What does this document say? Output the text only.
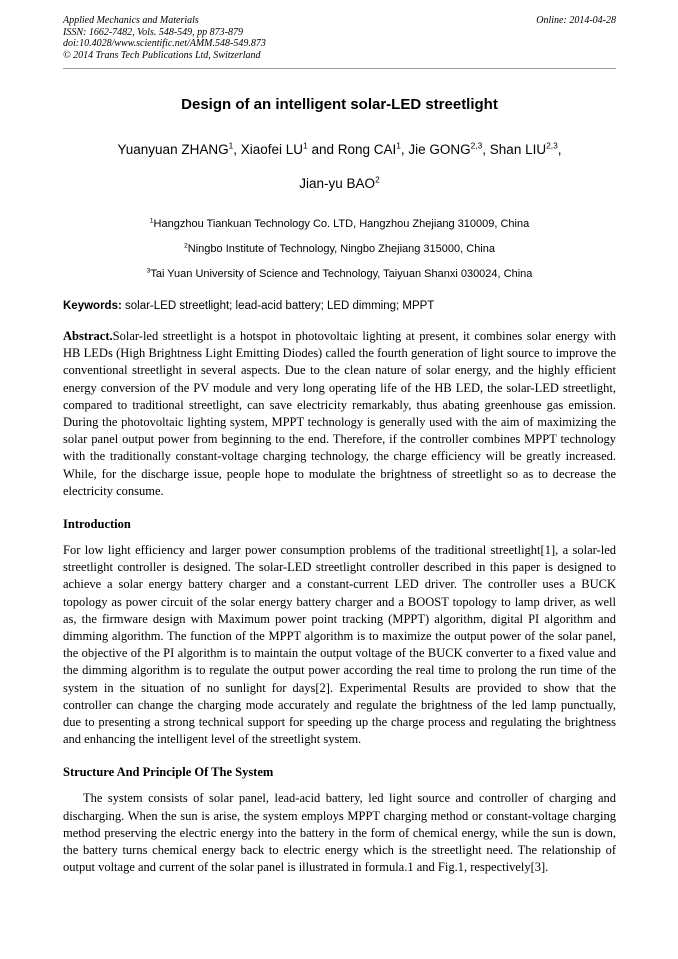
Applied Mechanics and Materials
ISSN: 1662-7482, Vols. 548-549, pp 873-879
doi:10.4028/www.scientific.net/AMM.548-549.873
© 2014 Trans Tech Publications Ltd, Switzerland
Online: 2014-04-28
Design of an intelligent solar-LED streetlight
Yuanyuan ZHANG$^1$, Xiaofei $LU^1$ and Rong CAI$^1$, Jie GONG$^{2,3}$, Shan LIU$^{2,3}$,
Jian-yu BAO$^2$
$^1$Hangzhou Tiankuan Technology Co. LTD, Hangzhou Zhejiang 310009, China
$^2$Ningbo Institute of Technology, Ningbo Zhejiang 315000, China
$^3$Tai Yuan University of Science and Technology, Taiyuan Shanxi 030024, China
Keywords: solar-LED streetlight; lead-acid battery; LED dimming; MPPT

Abstract.Solar-led streetlight is a hotspot in photovoltaic lighting at present, it combines solar energy with HB LEDs (High Brightness Light Emitting Diodes) called the fourth generation of light source to improve the conventional streetlight in several aspects. Due to the clean nature of solar energy, and the highly efficient energy conversion of the PV module and very long operating life of the HB LED, the solar-LED streetlight, compared to traditional streetlight, can save electricity remarkably, thus abating greenhouse gas emission. During the photovoltaic lighting system, MPPT technology is generally used with the aim of maximizing the solar panel output power from beginning to the end. Therefore, if the controller combines MPPT technology with the traditionally constant-voltage charging technology, the charge efficiency will be greatly increased. While, for the discharge issue, people hope to modulate the brightness of streetlight so as to decrease the electricity consume.

Introduction

For low light efficiency and larger power consumption problems of the traditional streetlight[1], a solar-led streetlight controller is designed. The solar-LED streetlight controller described in this paper is designed to achieve a solar energy battery charger and a constant-current LED driver. The controller uses a BUCK topology as power circuit of the solar energy battery charger and a BOOST topology to lamp driver, as well as, the firmware design with Maximum power point tracking (MPPT) algorithm, digital PI algorithm and dimming algorithm. The function of the MPPT algorithm is to maximize the output power of the solar panel, the objective of the PI algorithm is to maintain the output voltage of the BUCK converter to a fixed value and the dimming algorithm is to regulate the output power according the real time to prolong the run time of the system in the situation of no sunlight for days[2]. Experimental Results are provided to show that the controller can change the charging mode accurately and regulate the brightness of the led lamp punctually, due to presenting a strong technical support for speeding up the charge process and regulating the brightness and enhancing the intelligent level of the streetlight system.

Structure And Principle Of The System

The system consists of solar panel, lead-acid battery, led light source and controller of charging and discharging. When the sun is arise, the system employs MPPT charging method or constant-voltage charging method preserving the electric energy into the battery in the form of chemical energy, while the sun is down, the battery turns chemical energy back to electric energy which is the streetlight need. The relationship of output voltage and current of the solar panel is illustrated in formula.1 and Fig.1, respectively[3].
